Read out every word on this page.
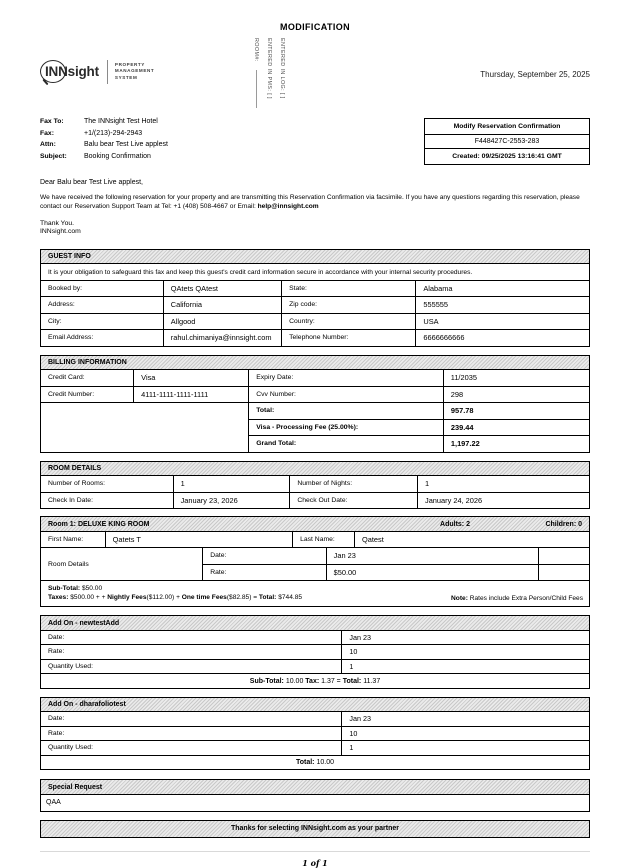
MODIFICATION
INNsight	PROPERTY
MANAGEMENT
SYSTEM
ROOM#: ENTERED IN PMS: [ ] ENTERED IN LOG: [ ]	Thursday, September 25, 2025
Fax To:	The INNsight Test Hotel
Fax:	+1/(213)-294-2943
Attn:	Balu bear Test Live applest
Subject:	Booking Confirmation
Modify Reservation Confirmation
F448427C-2553-283
Created: 09/25/2025 13:16:41 GMT
Dear Balu bear Test Live applest,
We have received the following reservation for your property and are transmitting this Reservation Confirmation via facsimile. If you have any questions regarding this reservation, please contact our Reservation Support Team at Tel: +1 (408) 508-4667 or Email: help@innsight.com
Thank You.
INNsight.com
GUEST INFO
It is your obligation to safeguard this fax and keep this guest's credit card information secure in accordance with your internal security procedures.
Booked by:	QAtets QAtest	State:	Alabama
Address:	California	Zip code:	555555
City:	Allgood	Country:	USA
Email Address:	rahul.chimaniya@innsight.com	Telephone Number:	6666666666
BILLING INFORMATION
Credit Card:	Visa	Expiry Date:	11/2035
Credit Number:	4111-1111-1111-1111	Cvv Number:	298
Total:	957.78
Visa - Processing Fee (25.00%):	239.44
Grand Total:	1,197.22
ROOM DETAILS
Number of Rooms:	1	Number of Nights:	1
Check In Date:	January 23, 2026	Check Out Date:	January 24, 2026
Room 1: DELUXE KING ROOM	Adults: 2	Children: 0
First Name:	Qatets T	Last Name:	Qatest
Room Details
Date:	Jan 23
Rate:	$50.00
Sub-Total: $50.00
Taxes: $500.00 + + Nightly Fees($112.00) + One time Fees($82.85) = Total: $744.85	Note: Rates include Extra Person/Child Fees
Add On - newtestAdd
Date:	Jan 23
Rate:	10
Quantity Used:	1
Sub-Total: 10.00 Tax: 1.37 = Total: 11.37
Add On - dharafoliotest
Date:	Jan 23
Rate:	10
Quantity Used:	1
Total: 10.00
Special Request
QAA
Thanks for selecting INNsight.com as your partner
1 of 1
